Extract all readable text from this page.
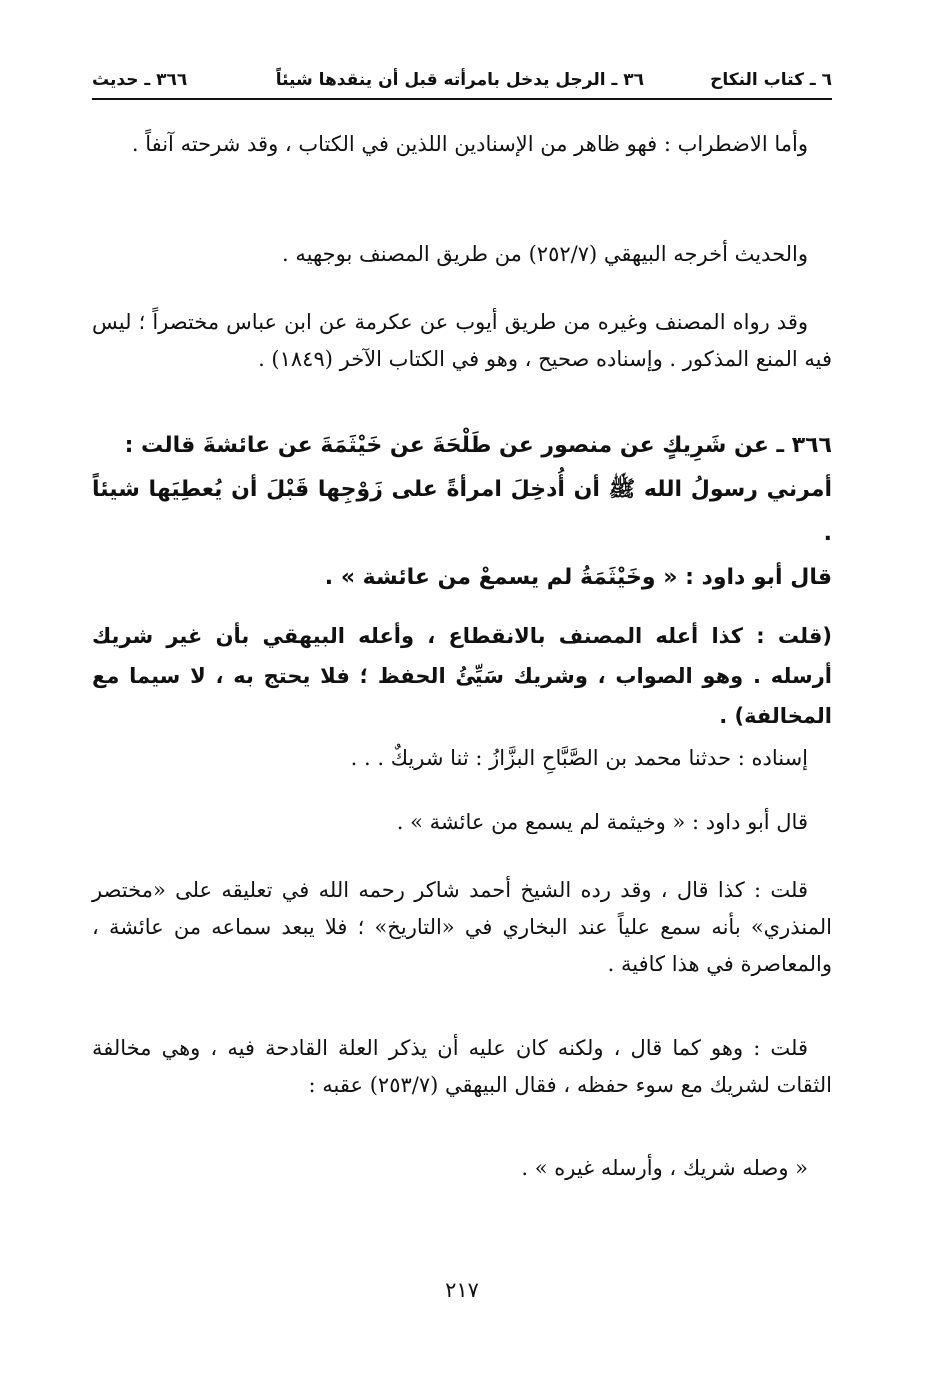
٦ ـ كتاب النكاح
٣٦ ـ الرجل يدخل بامرأته قبل أن ينقدها شيئاً
٣٦٦ ـ حديث

وأما الاضطراب : فهو ظاهر من الإسنادين اللذين في الكتاب ، وقد شرحته آنفاً .

والحديث أخرجه البيهقي (٢٥٢/٧) من طريق المصنف بوجهيه .

وقد رواه المصنف وغيره من طريق أيوب عن عكرمة عن ابن عباس مختصراً ؛ ليس فيه المنع المذكور . وإسناده صحيح ، وهو في الكتاب الآخر (١٨٤٩) .

٣٦٦ ـ عن شَرِيكٍ عن منصور عن طَلْحَةَ عن خَيْثَمَةَ عن عائشةَ قالت :

أمرني رسولُ الله ﷺ أن أُدخِلَ امرأةً على زَوْجِها قَبْلَ أن يُعطِيَها شيئاً .

قال أبو داود : « وخَيْثَمَةُ لم يسمعْ من عائشة » .

(قلت : كذا أعله المصنف بالانقطاع ، وأعله البيهقي بأن غير شريك أرسله . وهو الصواب ، وشريك سَيِّئُ الحفظ ؛ فلا يحتج به ، لا سيما مع المخالفة) .

إسناده : حدثنا محمد بن الصَّبَّاحِ البزَّازُ : ثنا شريكٌ . . .

قال أبو داود : « وخيثمة لم يسمع من عائشة » .

قلت : كذا قال ، وقد رده الشيخ أحمد شاكر رحمه الله في تعليقه على «مختصر المنذري» بأنه سمع علياً عند البخاري في «التاريخ» ؛ فلا يبعد سماعه من عائشة ، والمعاصرة في هذا كافية .

قلت : وهو كما قال ، ولكنه كان عليه أن يذكر العلة القادحة فيه ، وهي مخالفة الثقات لشريك مع سوء حفظه ، فقال البيهقي (٢٥٣/٧) عقبه :

« وصله شريك ، وأرسله غيره » .

٢١٧
